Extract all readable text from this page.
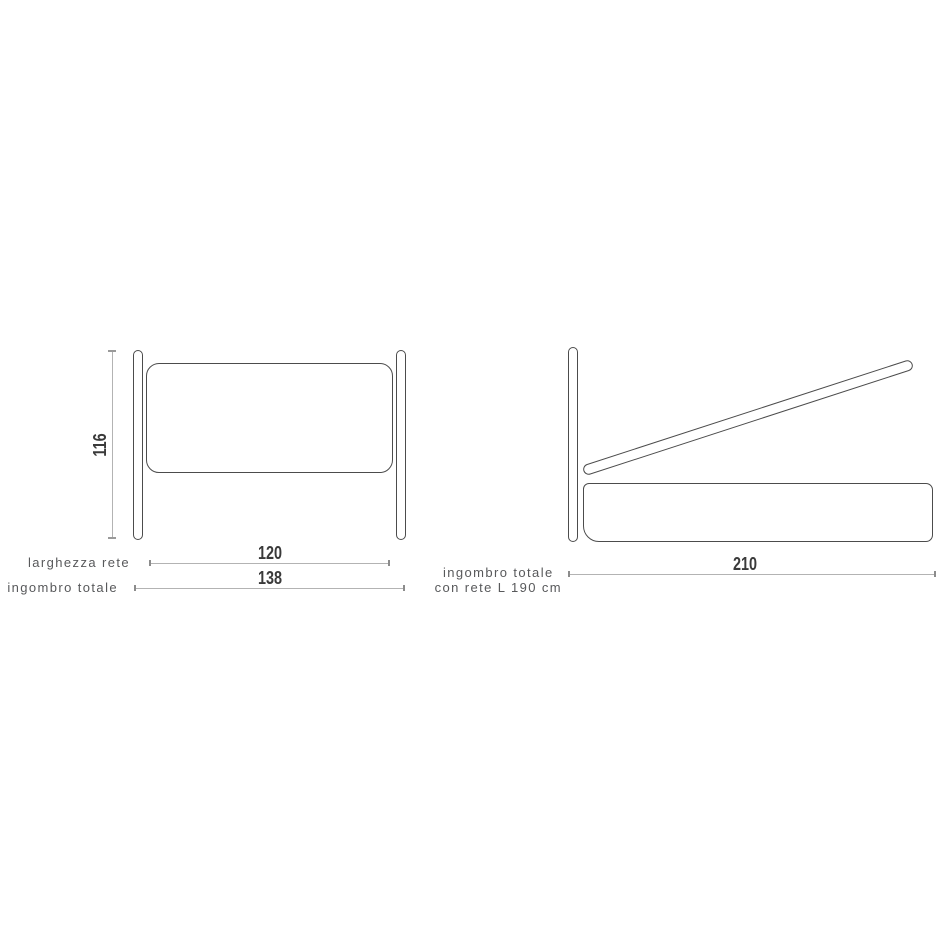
116
120
larghezza rete
138
ingombro totale
210
ingombro totale
con rete L 190 cm
